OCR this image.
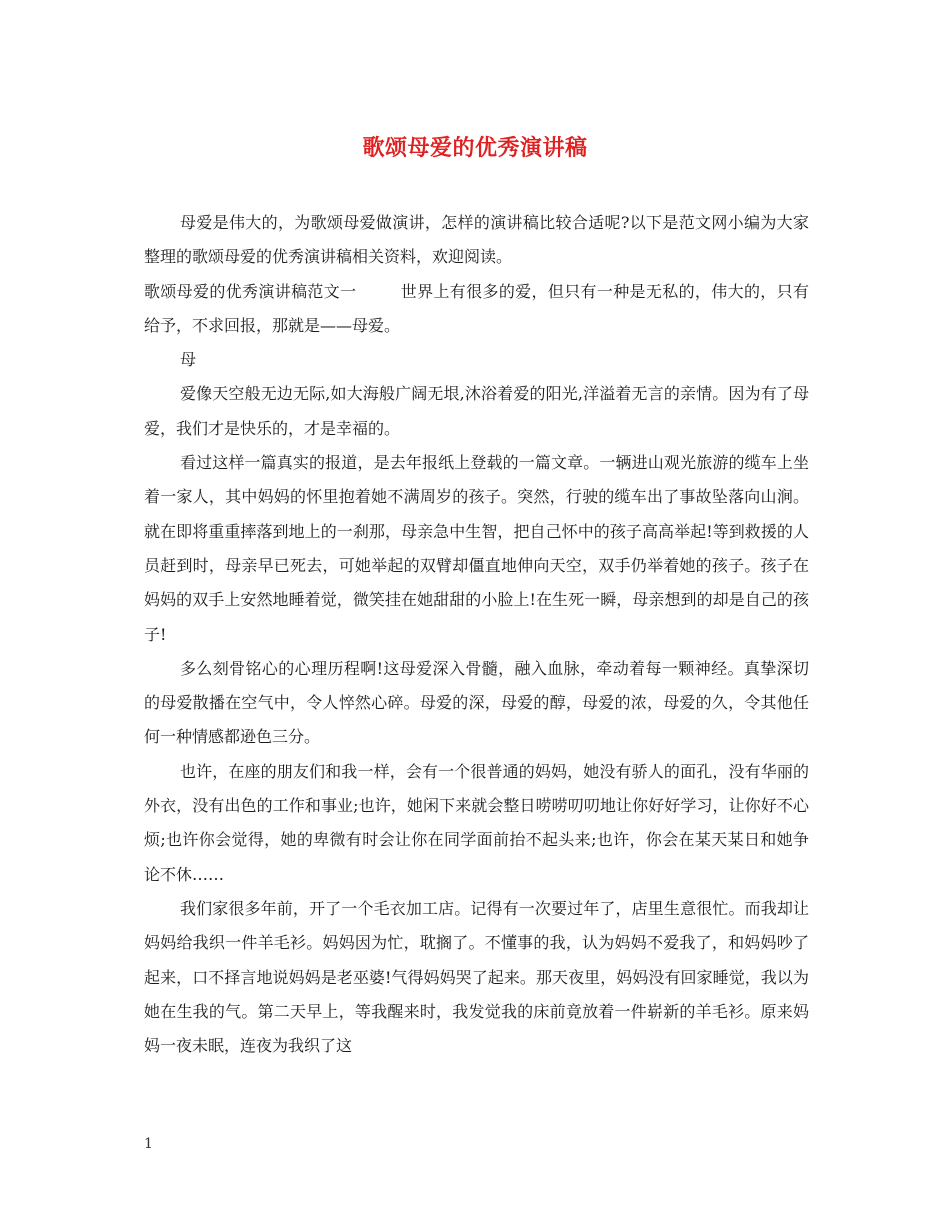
歌颂母爱的优秀演讲稿

母爱是伟大的，为歌颂母爱做演讲，怎样的演讲稿比较合适呢?以下是范文网小编为大家整理的歌颂母爱的优秀演讲稿相关资料，欢迎阅读。

歌颂母爱的优秀演讲稿范文一	世界上有很多的爱，但只有一种是无私的，伟大的，只有给予，不求回报，那就是——母爱。

母

爱像天空般无边无际,如大海般广阔无垠,沐浴着爱的阳光,洋溢着无言的亲情。因为有了母爱，我们才是快乐的，才是幸福的。

看过这样一篇真实的报道，是去年报纸上登载的一篇文章。一辆进山观光旅游的缆车上坐着一家人，其中妈妈的怀里抱着她不满周岁的孩子。突然，行驶的缆车出了事故坠落向山涧。就在即将重重摔落到地上的一刹那，母亲急中生智，把自己怀中的孩子高高举起!等到救援的人员赶到时，母亲早已死去，可她举起的双臂却僵直地伸向天空，双手仍举着她的孩子。孩子在妈妈的双手上安然地睡着觉，微笑挂在她甜甜的小脸上!在生死一瞬，母亲想到的却是自己的孩子!

多么刻骨铭心的心理历程啊!这母爱深入骨髓，融入血脉，牵动着每一颗神经。真挚深切的母爱散播在空气中，令人悴然心碎。母爱的深，母爱的醇，母爱的浓，母爱的久，令其他任何一种情感都逊色三分。

也许，在座的朋友们和我一样，会有一个很普通的妈妈，她没有骄人的面孔，没有华丽的外衣，没有出色的工作和事业;也许，她闲下来就会整日唠唠叨叨地让你好好学习，让你好不心烦;也许你会觉得，她的卑微有时会让你在同学面前抬不起头来;也许，你会在某天某日和她争论不休……

我们家很多年前，开了一个毛衣加工店。记得有一次要过年了，店里生意很忙。而我却让妈妈给我织一件羊毛衫。妈妈因为忙，耽搁了。不懂事的我，认为妈妈不爱我了，和妈妈吵了起来，口不择言地说妈妈是老巫婆!气得妈妈哭了起来。那天夜里，妈妈没有回家睡觉，我以为她在生我的气。第二天早上，等我醒来时，我发觉我的床前竟放着一件崭新的羊毛衫。原来妈妈一夜未眠，连夜为我织了这

1
